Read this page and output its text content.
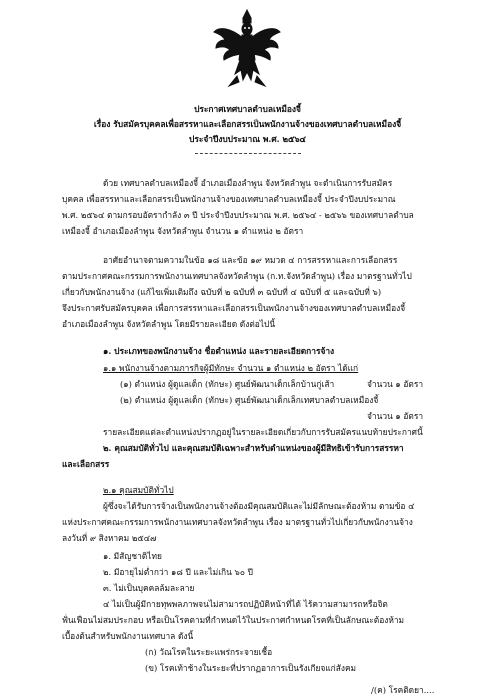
ประกาศเทศบาลตำบลเหมืองจี้
เรื่อง รับสมัครบุคคลเพื่อสรรหาและเลือกสรรเป็นพนักงานจ้างของเทศบาลตำบลเหมืองจี้
ประจำปีงบประมาณ พ.ศ. ๒๕๖๔
ด้วย เทศบาลตำบลเหมืองจี้ อำเภอเมืองลำพูน จังหวัดลำพูน จะดำเนินการรับสมัคร
บุคคล เพื่อสรรหาและเลือกสรรเป็นพนักงานจ้างของเทศบาลตำบลเหมืองจี้ ประจำปีงบประมาณ
พ.ศ. ๒๕๖๔ ตามกรอบอัตรากำลัง ๓ ปี ประจำปีงบประมาณ พ.ศ. ๒๕๖๔ - ๒๕๖๖ ของเทศบาลตำบล
เหมืองจี้ อำเภอเมืองลำพูน จังหวัดลำพูน จำนวน ๑ ตำแหน่ง ๒ อัตรา
อาศัยอำนาจตามความในข้อ ๑๘ และข้อ ๑๙ หมวด ๔ การสรรหาและการเลือกสรร
ตามประกาศคณะกรรมการพนักงานเทศบาลจังหวัดลำพูน (ก.ท.จังหวัดลำพูน) เรื่อง มาตรฐานทั่วไป
เกี่ยวกับพนักงานจ้าง (แก้ไขเพิ่มเติมถึง ฉบับที่ ๒ ฉบับที่ ๓ ฉบับที่ ๔ ฉบับที่ ๕ และฉบับที่ ๖)
จึงประกาศรับสมัครบุคคล เพื่อการสรรหาและเลือกสรรเป็นพนักงานจ้างของเทศบาลตำบลเหมืองจี้
อำเภอเมืองลำพูน จังหวัดลำพูน โดยมีรายละเอียด ดังต่อไปนี้
๑. ประเภทของพนักงานจ้าง ชื่อตำแหน่ง และรายละเอียดการจ้าง
๑.๑ พนักงานจ้างตามภารกิจผู้มีทักษะ จำนวน ๑ ตำแหน่ง ๒ อัตรา ได้แก่
(๑) ตำแหน่ง ผู้ดูแลเด็ก (ทักษะ) ศูนย์พัฒนาเด็กเล็กบ้านกู่เส้า	จำนวน ๑ อัตรา
(๒) ตำแหน่ง ผู้ดูแลเด็ก (ทักษะ) ศูนย์พัฒนาเด็กเล็กเทศบาลตำบลเหมืองจี้
จำนวน ๑ อัตรา
รายละเอียดแต่ละตำแหน่งปรากฏอยู่ในรายละเอียดเกี่ยวกับการรับสมัครแนบท้ายประกาศนี้
๒. คุณสมบัติทั่วไป และคุณสมบัติเฉพาะสำหรับตำแหน่งของผู้มีสิทธิเข้ารับการสรรหา
และเลือกสรร
๒.๑ คุณสมบัติทั่วไป
ผู้ซึ่งจะได้รับการจ้างเป็นพนักงานจ้างต้องมีคุณสมบัติและไม่มีลักษณะต้องห้าม ตามข้อ ๔
แห่งประกาศคณะกรรมการพนักงานเทศบาลจังหวัดลำพูน เรื่อง มาตรฐานทั่วไปเกี่ยวกับพนักงานจ้าง
ลงวันที่ ๙ สิงหาคม ๒๕๔๗
๑. มีสัญชาติไทย
๒. มีอายุไม่ต่ำกว่า ๑๘ ปี และไม่เกิน ๖๐ ปี
๓. ไม่เป็นบุคคลล้มละลาย
๔ ไม่เป็นผู้มีกายทุพพลภาพจนไม่สามารถปฏิบัติหน้าที่ได้ ไร้ความสามารถหรือจิต
ฟั่นเฟือนไม่สมประกอบ หรือเป็นโรคตามที่กำหนดไว้ในประกาศกำหนดโรคที่เป็นลักษณะต้องห้าม
เบื้องต้นสำหรับพนักงานเทศบาล ดังนี้
(ก) วัณโรคในระยะแพร่กระจายเชื้อ
(ข) โรคเท้าช้างในระยะที่ปรากฏอาการเป็นรังเกียจแก่สังคม
/(ค) โรคติดยา....
